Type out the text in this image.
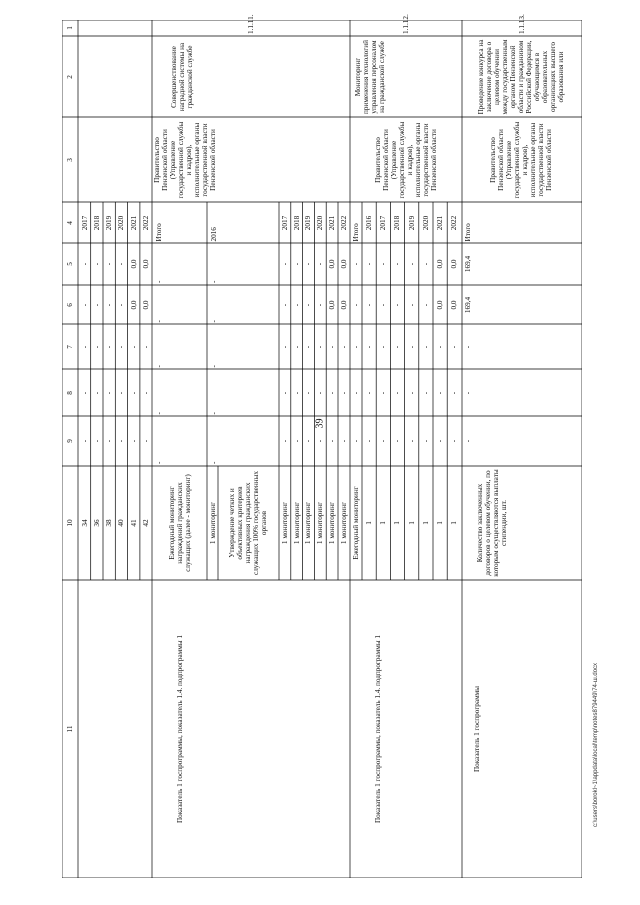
39
c:\users\borokl~1\appdata\local\temp\notes879449\74-ш.docx
1
2
3
4
5
6
7
8
9
10
11
2017
-
-
-
-
-
34
2018
-
-
-
-
-
36
2019
-
-
-
-
-
38
2020
-
-
-
-
-
40
2021
0,0
0,0
-
-
-
41
2022
0,0
0,0
-
-
-
42
1.1.11.
Совершенствование наградной системы на гражданской службе
Правительство Пензенской области (Управление государственной службы и кадров), исполнительные органы государственной власти Пензенской области
Показатель 1 госпрограммы, показатель 1.4. подпрограммы 1
Итого
-
-
-
-
-
Ежегодный мониторинг награждений гражданских служащих (далее - мониторинг)
2016
-
-
-
-
-
1 мониторинг Утверждение четких и объективных критериев награждения гражданских служащих 100% государственных органов
2017
-
-
-
-
-
1 мониторинг
2018
-
-
-
-
-
1 мониторинг
2019
-
-
-
-
-
1 мониторинг
2020
-
-
-
-
-
1 мониторинг
2021
0,0
0,0
-
-
-
1 мониторинг
2022
0,0
0,0
-
-
-
1 мониторинг
1.1.12.
Мониторинг применения технологий управления персоналом на гражданской службе
Правительство Пензенской области (Управление государственной службы и кадров), исполнительные органы государственной власти Пензенской области
Показатель 1 госпрограммы, показатель 1.4. подпрограммы 1
Итого
-
-
-
-
-
Ежегодный мониторинг
2016
-
-
-
-
-
1
2017
-
-
-
-
-
1
2018
-
-
-
-
-
1
2019
-
-
-
-
-
1
2020
-
-
-
-
-
1
2021
0,0
0,0
-
-
-
1
2022
0,0
0,0
-
-
-
1
1.1.13.
Проведение конкурса на заключение договора о целевом обучении между государственным органом Пензенской области и гражданином Российской Федерации, обучающимся в образовательных организациях высшего образования или
Правительство Пензенской области (Управление государственной службы и кадров), исполнительные органы государственной власти Пензенской области
Показатель 1 госпрограммы
Итого
169,4
169,4
-
-
-
Количество заключенных договоров о целевом обучении, по которым осуществляются выплаты стипендии, шт.
